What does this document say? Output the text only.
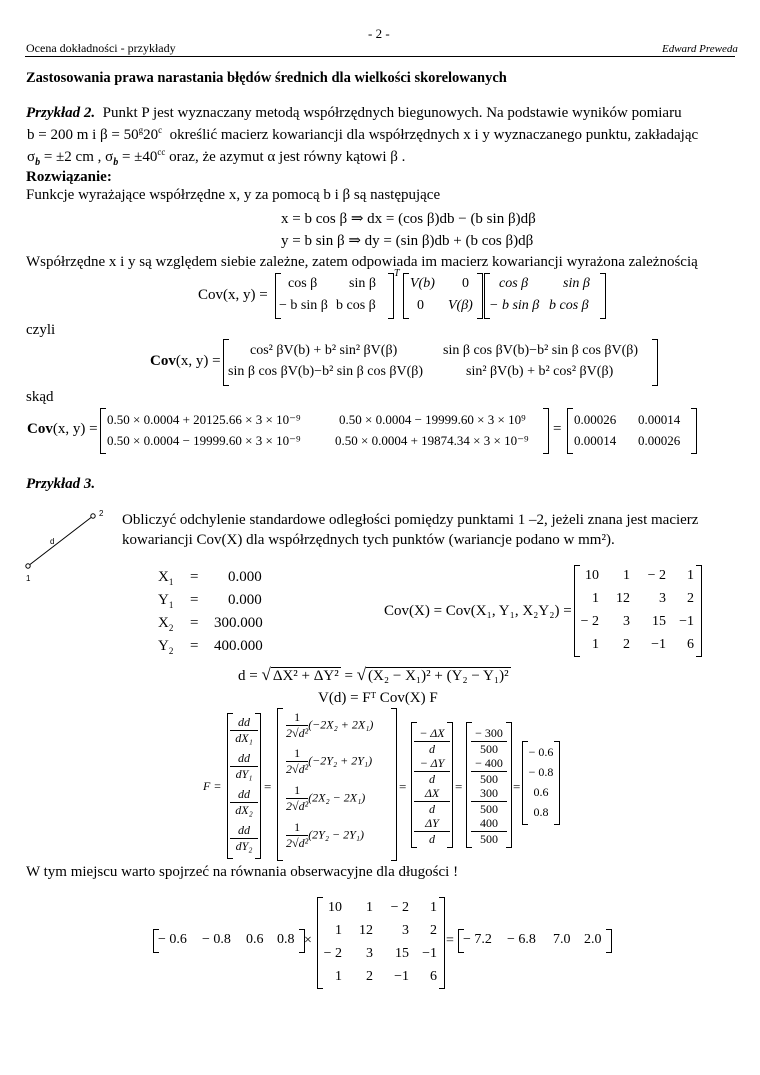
- 2 -
Ocena dokładności - przykłady	Edward Preweda
Zastosowania prawa narastania błędów średnich dla wielkości skorelowanych
Przykład 2. Punkt P jest wyznaczany metodą współrzędnych biegunowych. Na podstawie wyników pomiaru
b = 200 m i $\beta = 50^g20^c$ określić macierz kowariancji dla współrzędnych x i y wyznaczanego punktu, zakładając
$\sigma_b = \pm 2$ cm , $\sigma_b = \pm 40^{cc}$ oraz, że azymut α jest równy kątowi β .
Rozwiązanie:
Funkcje wyrażające współrzędne x, y za pomocą b i β są następujące
x = b cos β ⇒ dx = (cos β)db − (b sin β)dβ
y = b sin β ⇒ dy = (sin β)db + (b cos β)dβ
Współrzędne x i y są względem siebie zależne, zatem odpowiada im macierz kowariancji wyrażona zależnością
Cov(x, y) =
cos β sin β
− b sin β b cos β
T
V(b) 0
0 V(β)
cos β sin β
− b sin β b cos β
czyli
Cov(x, y) =
cos² βV(b) + b² sin² βV(β)	sin β cos βV(b)−b² sin β cos βV(β)
sin β cos βV(b)−b² sin β cos βV(β)	sin² βV(b) + b² cos² βV(β)
skąd
Cov(x, y) =
0.50 × 0.0004 + 20125.66 × 3 × 10⁻⁹	0.50 × 0.0004 − 19999.60 × 3 × 10⁹
0.50 × 0.0004 − 19999.60 × 3 × 10⁻⁹	0.50 × 0.0004 + 19874.34 × 3 × 10⁻⁹
=
0.00026 0.00014
0.00014 0.00026
Przykład 3.
1
2
d
Obliczyć odchylenie standardowe odległości pomiędzy punktami 1 –2, jeżeli znana jest macierz
kowariancji Cov(X) dla współrzędnych tych punktów (wariancje podano w mm²).
$X_1 = 0.000$
$Y_1 = 0.000$
$X_2 = 300.000$
$Y_2 = 400.000$
Cov(X) = Cov(X₁, Y₁, X₂Y₂) =
10 1 − 2 1
1 12 3 2
− 2 3 15 −1
1 2 −1 6
d = √ ΔX² + ΔY² = √ (X₂ − X₁)² + (Y₂ − Y₁)²
V(d) = Fᵀ Cov(X) F
F =
$\frac{dd}{\text{dX₁}}$
$\frac{dd}{\text{dY₁}}$
$\frac{dd}{\text{dX₂}}$
$\frac{dd}{\text{dY₂}}$
=
$\frac{1}{\text{2√d²}}(-2X_2 + 2X_1)$
$\frac{1}{\text{2√d²}}(-2Y_2 + 2Y_1)$
$\frac{1}{\text{2√d²}}(2X_2 - 2X_1)$
$\frac{1}{\text{2√d²}}(2Y_2 - 2Y_1)$
=
$\frac{- \Delta X}{d}$
$\frac{- \Delta Y}{d}$
$\frac{\Delta X}{d}$
$\frac{\Delta Y}{d}$
=
$\frac{- 300}{500}$
$\frac{- 400}{500}$
$\frac{300}{500}$
$\frac{400}{500}$
=
− 0.6
− 0.8
0.6
0.8
W tym miejscu warto spojrzeć na równania obserwacyjne dla długości !
− 0.6 − 0.8 0.6 0.8 ×
10 1 − 2 1
1 12 3 2
− 2 3 15 −1
1 2 −1 6
= − 7.2 − 6.8 7.0 2.0
